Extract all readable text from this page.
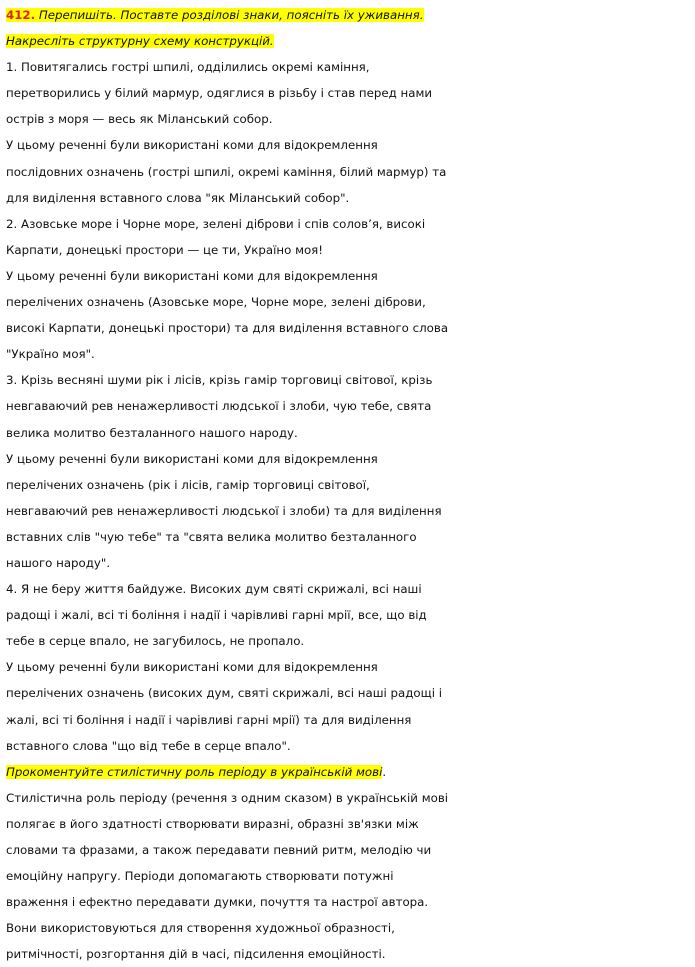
412. Перепишіть. Поставте розділові знаки, поясніть їх уживання.
Накресліть структурну схему конструкцій.
1. Повитягались гострі шпилі, оддiлились окремі каміння,
перетворились у білий мармур, одяглися в різьбу і став перед нами
острів з моря — весь як Міланський собор.
У цьому реченні були використані коми для відокремлення
послідовних означень (гострі шпилі, окремі каміння, білий мармур) та
для виділення вставного слова "як Міланський собор".
2. Азовське море і Чорне море, зелені діброви і спів солов’я, високі
Карпати, донецькі простори — це ти, Україно моя!
У цьому реченні були використані коми для відокремлення
перелічених означень (Азовське море, Чорне море, зелені діброви,
високі Карпати, донецькі простори) та для виділення вставного слова
"Україно моя".
3. Крізь весняні шуми рік і лісів, крізь гамір торговиці світової, крізь
невгаваючий рев ненажерливості людської і злоби, чую тебе, свята
велика молитво безталанного нашого народу.
У цьому реченні були використані коми для відокремлення
перелічених означень (рік і лісів, гамір торговиці світової,
невгаваючий рев ненажерливості людської і злоби) та для виділення
вставних слів "чую тебе" та "свята велика молитво безталанного
нашого народу".
4. Я не беру життя байдуже. Високих дум святі скрижалі, всі наші
радощі і жалі, всі ті боління і надії і чарівливі гарні мрії, все, що від
тебе в серце впало, не загубилось, не пропало.
У цьому реченні були використані коми для відокремлення
перелічених означень (високих дум, святі скрижалі, всі наші радощі і
жалі, всі ті боління і надії і чарівливі гарні мрії) та для виділення
вставного слова "що від тебе в серце впало".
Прокоментуйте стилістичну роль періоду в українській мові.
Стилістична роль періоду (речення з одним сказом) в українській мові
полягає в його здатності створювати виразні, образні зв'язки між
словами та фразами, а також передавати певний ритм, мелодію чи
емоційну напругу. Періоди допомагають створювати потужні
враження і ефектно передавати думки, почуття та настрої автора.
Вони використовуються для створення художньої образності,
ритмічності, розгортання дій в часі, підсилення емоційності.
